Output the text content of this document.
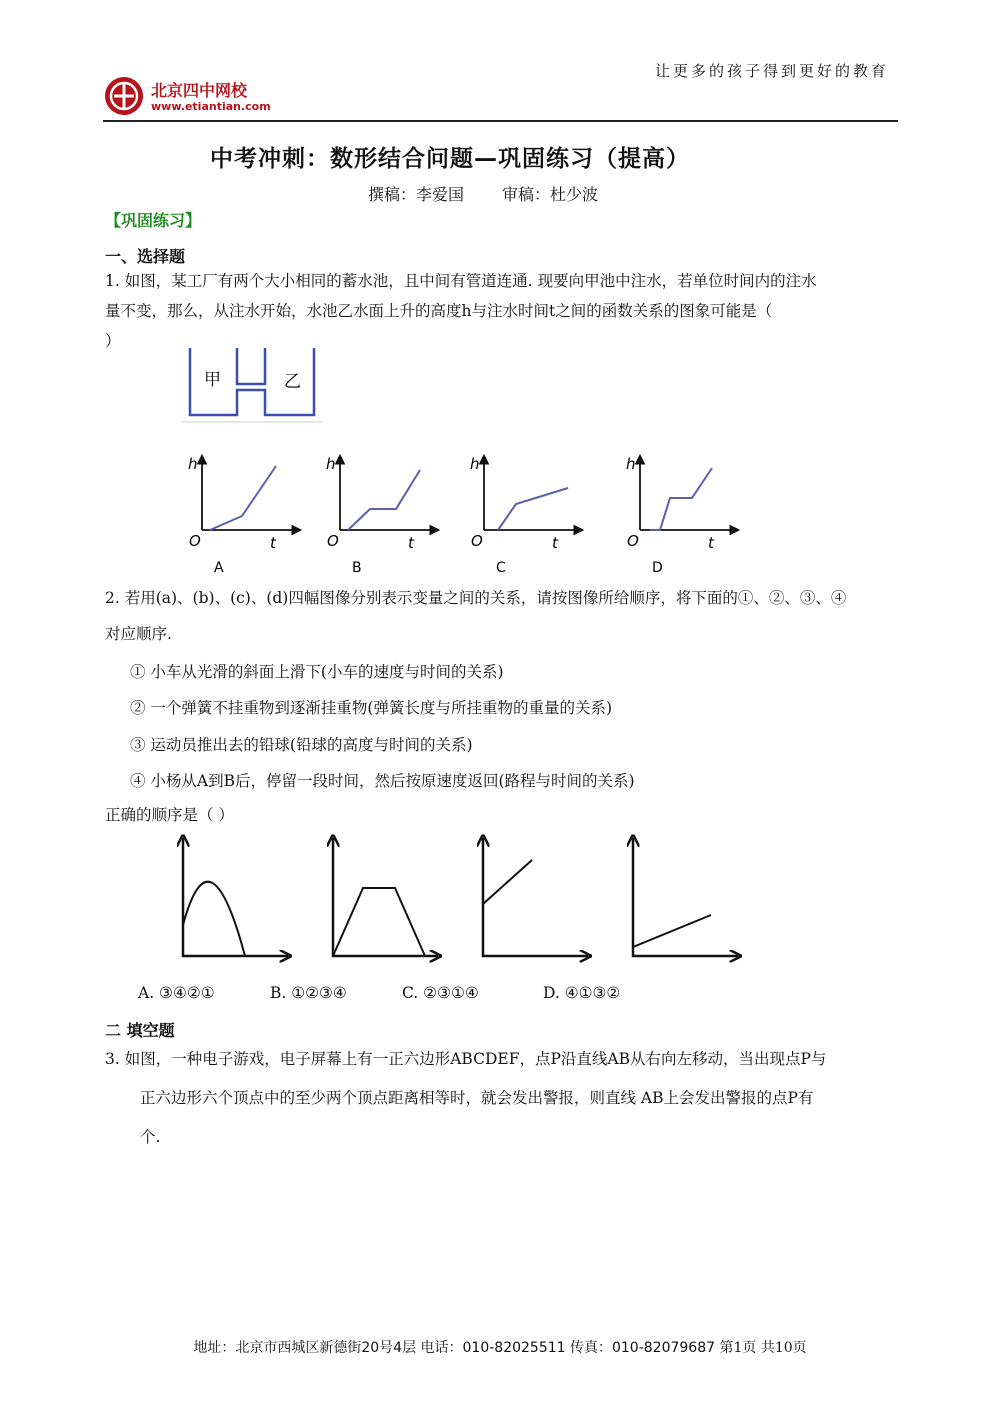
让更多的孩子得到更好的教育
北京四中网校
www.etiantian.com
中考冲刺：数形结合问题—巩固练习（提高）
撰稿：李爱国 审稿：杜少波
【巩固练习】
一、选择题
1. 如图，某工厂有两个大小相同的蓄水池，且中间有管道连通. 现要向甲池中注水，若单位时间内的注水
量不变，那么，从注水开始，水池乙水面上升的高度h与注水时间t之间的函数关系的图象可能是（
）
甲	乙
h
t
O
A
h
t
O
B
h
t
O
C
h
t
O
D
2. 若用(a)、(b)、(c)、(d)四幅图像分别表示变量之间的关系，请按图像所给顺序，将下面的①、②、③、④
对应顺序.
① 小车从光滑的斜面上滑下(小车的速度与时间的关系)
② 一个弹簧不挂重物到逐渐挂重物(弹簧长度与所挂重物的重量的关系)
③ 运动员推出去的铅球(铅球的高度与时间的关系)
④ 小杨从A到B后，停留一段时间，然后按原速度返回(路程与时间的关系)
正确的顺序是（ ）
A. ③④②①	B. ①②③④	C. ②③①④	D. ④①③②
二 填空题
3. 如图，一种电子游戏，电子屏幕上有一正六边形ABCDEF，点P沿直线AB从右向左移动，当出现点P与
正六边形六个顶点中的至少两个顶点距离相等时，就会发出警报，则直线 AB上会发出警报的点P有
个.
地址：北京市西城区新德街20号4层 电话：010-82025511 传真：010-82079687 第1页 共10页
